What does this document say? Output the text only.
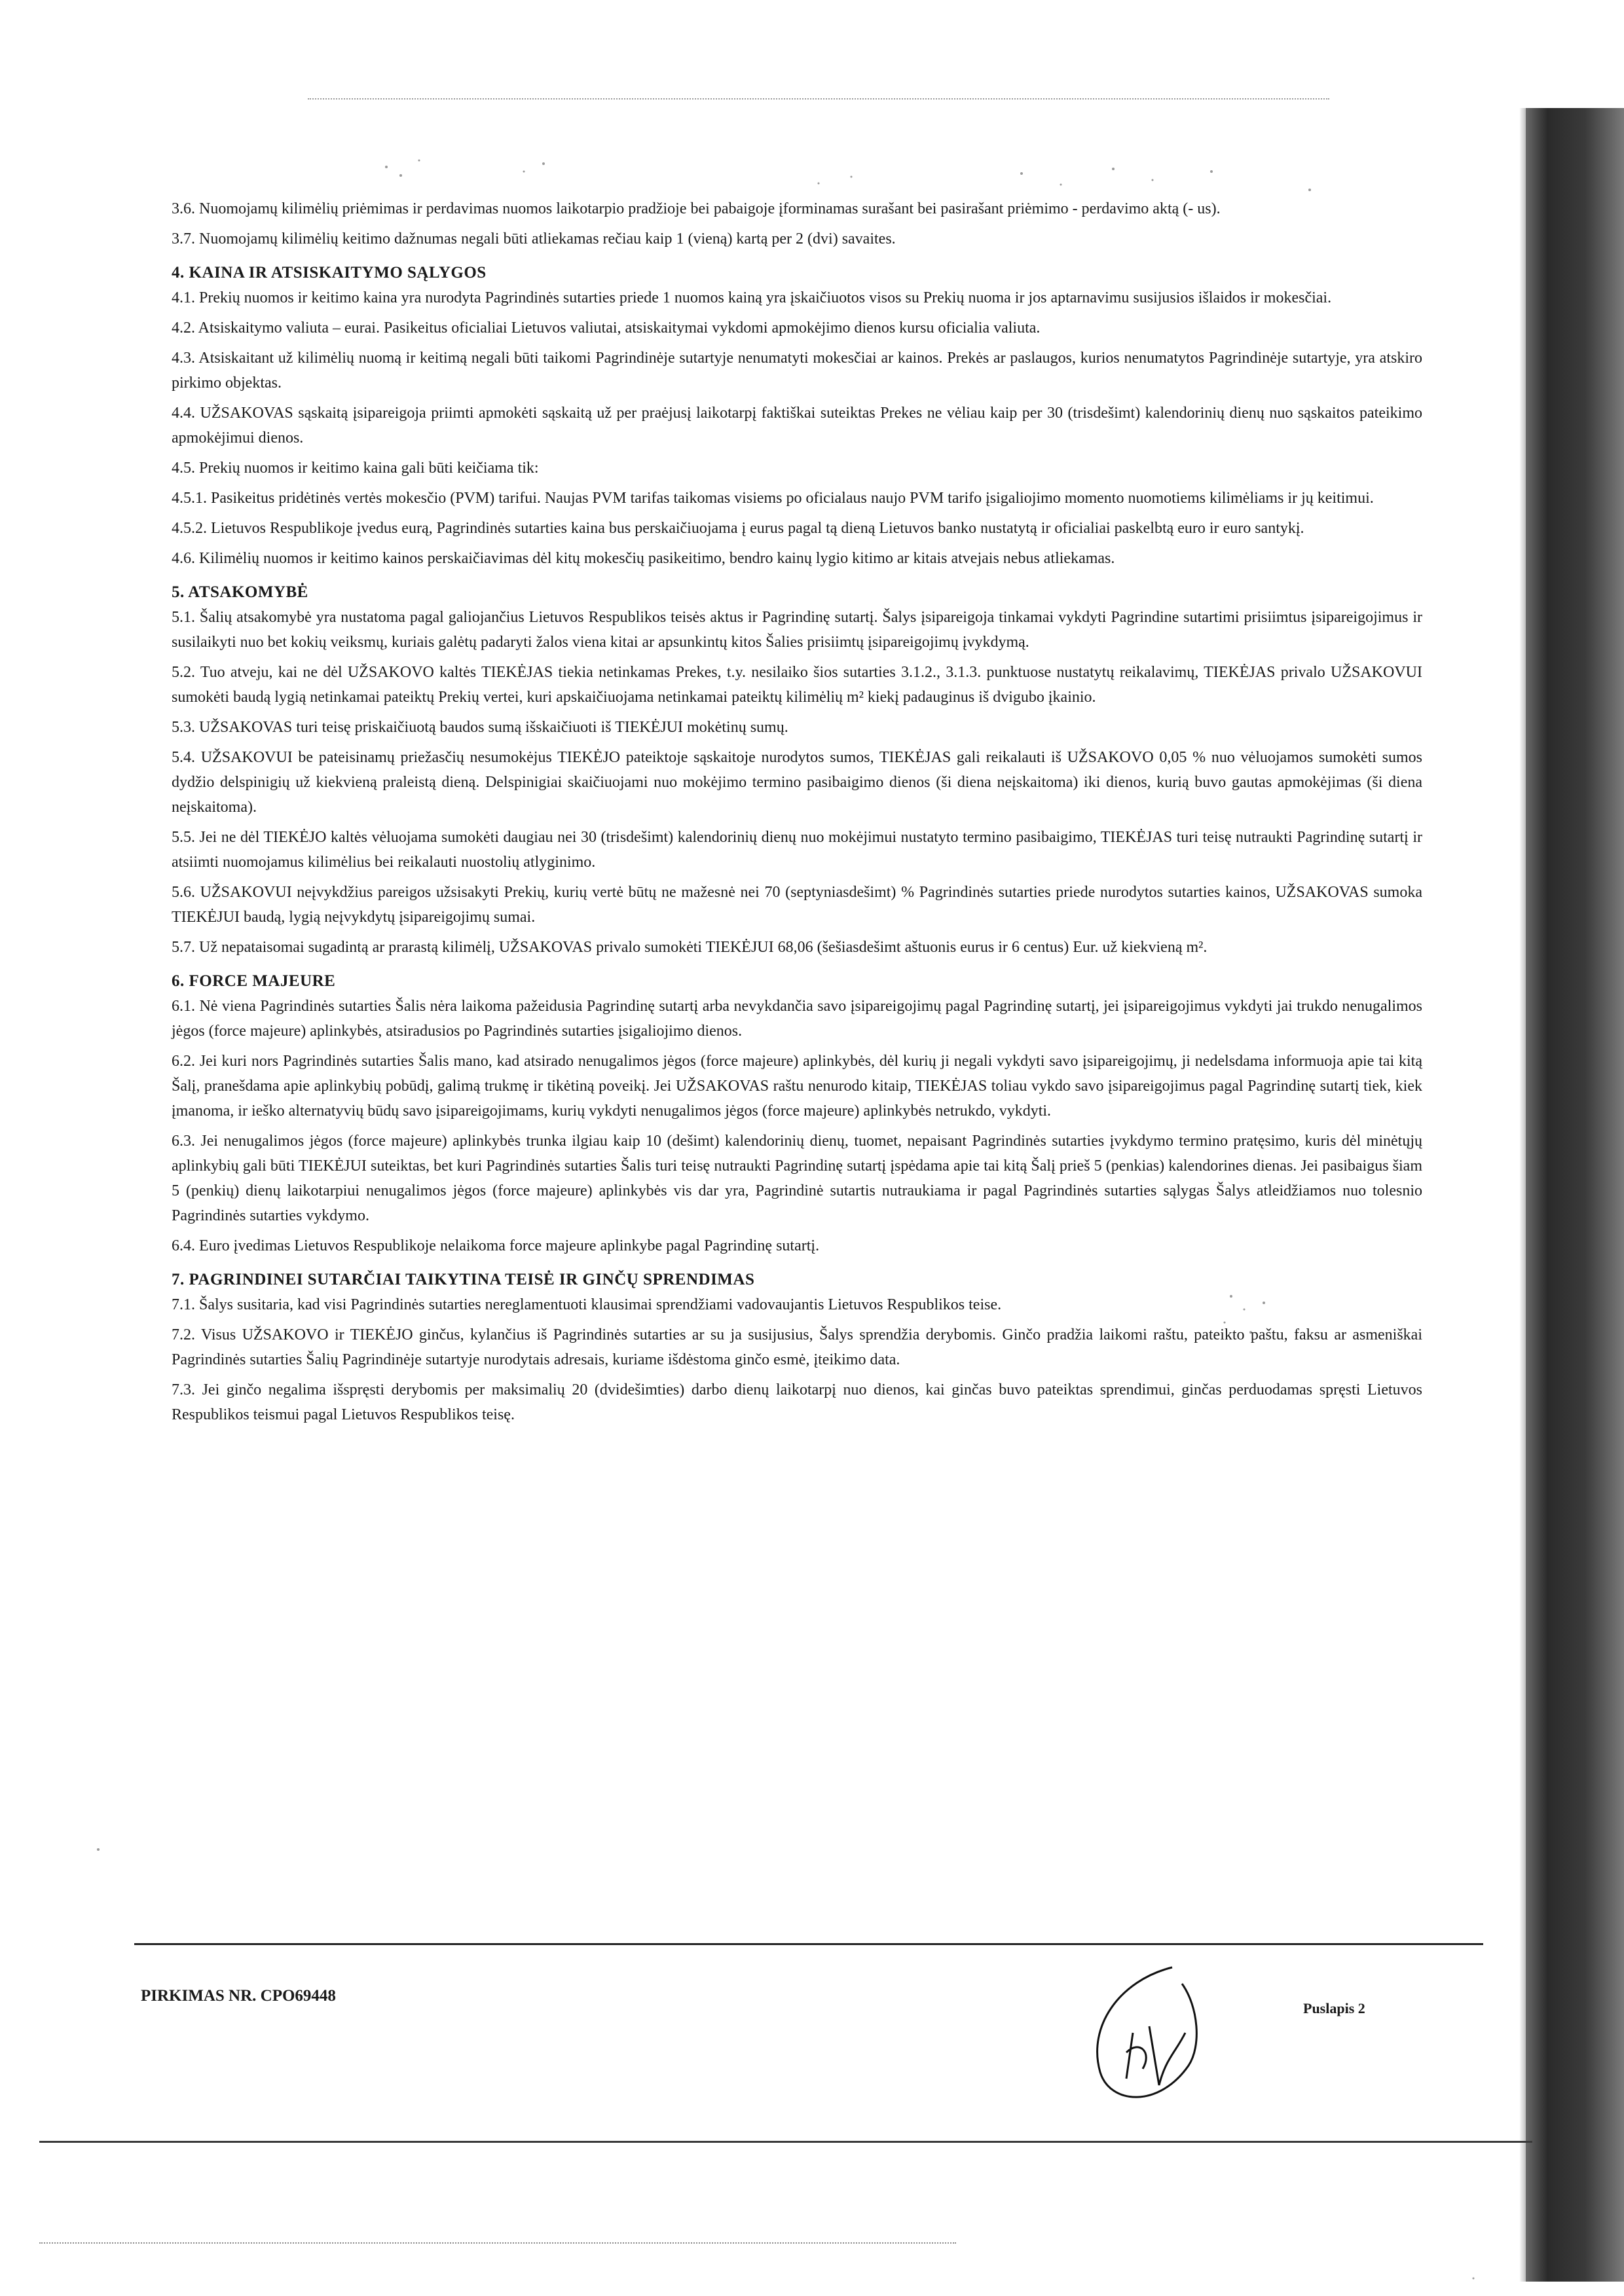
3.6. Nuomojamų kilimėlių priėmimas ir perdavimas nuomos laikotarpio pradžioje bei pabaigoje įforminamas surašant bei pasirašant priėmimo - perdavimo aktą (- us).

3.7. Nuomojamų kilimėlių keitimo dažnumas negali būti atliekamas rečiau kaip 1 (vieną) kartą per 2 (dvi) savaites.

4. KAINA IR ATSISKAITYMO SĄLYGOS

4.1. Prekių nuomos ir keitimo kaina yra nurodyta Pagrindinės sutarties priede 1 nuomos kainą yra įskaičiuotos visos su Prekių nuoma ir jos aptarnavimu susijusios išlaidos ir mokesčiai.

4.2. Atsiskaitymo valiuta – eurai. Pasikeitus oficialiai Lietuvos valiutai, atsiskaitymai vykdomi apmokėjimo dienos kursu oficialia valiuta.

4.3. Atsiskaitant už kilimėlių nuomą ir keitimą negali būti taikomi Pagrindinėje sutartyje nenumatyti mokesčiai ar kainos. Prekės ar paslaugos, kurios nenumatytos Pagrindinėje sutartyje, yra atskiro pirkimo objektas.

4.4. UŽSAKOVAS sąskaitą įsipareigoja priimti apmokėti sąskaitą už per praėjusį laikotarpį faktiškai suteiktas Prekes ne vėliau kaip per 30 (trisdešimt) kalendorinių dienų nuo sąskaitos pateikimo apmokėjimui dienos.

4.5. Prekių nuomos ir keitimo kaina gali būti keičiama tik:

4.5.1. Pasikeitus pridėtinės vertės mokesčio (PVM) tarifui. Naujas PVM tarifas taikomas visiems po oficialaus naujo PVM tarifo įsigaliojimo momento nuomotiems kilimėliams ir jų keitimui.

4.5.2. Lietuvos Respublikoje įvedus eurą, Pagrindinės sutarties kaina bus perskaičiuojama į eurus pagal tą dieną Lietuvos banko nustatytą ir oficialiai paskelbtą euro ir euro santykį.

4.6. Kilimėlių nuomos ir keitimo kainos perskaičiavimas dėl kitų mokesčių pasikeitimo, bendro kainų lygio kitimo ar kitais atvejais nebus atliekamas.

5. ATSAKOMYBĖ

5.1. Šalių atsakomybė yra nustatoma pagal galiojančius Lietuvos Respublikos teisės aktus ir Pagrindinę sutartį. Šalys įsipareigoja tinkamai vykdyti Pagrindine sutartimi prisiimtus įsipareigojimus ir susilaikyti nuo bet kokių veiksmų, kuriais galėtų padaryti žalos viena kitai ar apsunkintų kitos Šalies prisiimtų įsipareigojimų įvykdymą.

5.2. Tuo atveju, kai ne dėl UŽSAKOVO kaltės TIEKĖJAS tiekia netinkamas Prekes, t.y. nesilaiko šios sutarties 3.1.2., 3.1.3. punktuose nustatytų reikalavimų, TIEKĖJAS privalo UŽSAKOVUI sumokėti baudą lygią netinkamai pateiktų Prekių vertei, kuri apskaičiuojama netinkamai pateiktų kilimėlių m² kiekį padauginus iš dvigubo įkainio.

5.3. UŽSAKOVAS turi teisę priskaičiuotą baudos sumą išskaičiuoti iš TIEKĖJUI mokėtinų sumų.

5.4. UŽSAKOVUI be pateisinamų priežasčių nesumokėjus TIEKĖJO pateiktoje sąskaitoje nurodytos sumos, TIEKĖJAS gali reikalauti iš UŽSAKOVO 0,05 % nuo vėluojamos sumokėti sumos dydžio delspinigių už kiekvieną praleistą dieną. Delspinigiai skaičiuojami nuo mokėjimo termino pasibaigimo dienos (ši diena neįskaitoma) iki dienos, kurią buvo gautas apmokėjimas (ši diena neįskaitoma).

5.5. Jei ne dėl TIEKĖJO kaltės vėluojama sumokėti daugiau nei 30 (trisdešimt) kalendorinių dienų nuo mokėjimui nustatyto termino pasibaigimo, TIEKĖJAS turi teisę nutraukti Pagrindinę sutartį ir atsiimti nuomojamus kilimėlius bei reikalauti nuostolių atlyginimo.

5.6. UŽSAKOVUI neįvykdžius pareigos užsisakyti Prekių, kurių vertė būtų ne mažesnė nei 70 (septyniasdešimt) % Pagrindinės sutarties priede nurodytos sutarties kainos, UŽSAKOVAS sumoka TIEKĖJUI baudą, lygią neįvykdytų įsipareigojimų sumai.

5.7. Už nepataisomai sugadintą ar prarastą kilimėlį, UŽSAKOVAS privalo sumokėti TIEKĖJUI 68,06 (šešiasdešimt aštuonis eurus ir 6 centus) Eur. už kiekvieną m².

6. FORCE MAJEURE

6.1. Nė viena Pagrindinės sutarties Šalis nėra laikoma pažeidusia Pagrindinę sutartį arba nevykdančia savo įsipareigojimų pagal Pagrindinę sutartį, jei įsipareigojimus vykdyti jai trukdo nenugalimos jėgos (force majeure) aplinkybės, atsiradusios po Pagrindinės sutarties įsigaliojimo dienos.

6.2. Jei kuri nors Pagrindinės sutarties Šalis mano, kad atsirado nenugalimos jėgos (force majeure) aplinkybės, dėl kurių ji negali vykdyti savo įsipareigojimų, ji nedelsdama informuoja apie tai kitą Šalį, pranešdama apie aplinkybių pobūdį, galimą trukmę ir tikėtiną poveikį. Jei UŽSAKOVAS raštu nenurodo kitaip, TIEKĖJAS toliau vykdo savo įsipareigojimus pagal Pagrindinę sutartį tiek, kiek įmanoma, ir ieško alternatyvių būdų savo įsipareigojimams, kurių vykdyti nenugalimos jėgos (force majeure) aplinkybės netrukdo, vykdyti.

6.3. Jei nenugalimos jėgos (force majeure) aplinkybės trunka ilgiau kaip 10 (dešimt) kalendorinių dienų, tuomet, nepaisant Pagrindinės sutarties įvykdymo termino pratęsimo, kuris dėl minėtųjų aplinkybių gali būti TIEKĖJUI suteiktas, bet kuri Pagrindinės sutarties Šalis turi teisę nutraukti Pagrindinę sutartį įspėdama apie tai kitą Šalį prieš 5 (penkias) kalendorines dienas. Jei pasibaigus šiam 5 (penkių) dienų laikotarpiui nenugalimos jėgos (force majeure) aplinkybės vis dar yra, Pagrindinė sutartis nutraukiama ir pagal Pagrindinės sutarties sąlygas Šalys atleidžiamos nuo tolesnio Pagrindinės sutarties vykdymo.

6.4. Euro įvedimas Lietuvos Respublikoje nelaikoma force majeure aplinkybe pagal Pagrindinę sutartį.

7. PAGRINDINEI SUTARČIAI TAIKYTINA TEISĖ IR GINČŲ SPRENDIMAS

7.1. Šalys susitaria, kad visi Pagrindinės sutarties nereglamentuoti klausimai sprendžiami vadovaujantis Lietuvos Respublikos teise.

7.2. Visus UŽSAKOVO ir TIEKĖJO ginčus, kylančius iš Pagrindinės sutarties ar su ja susijusius, Šalys sprendžia derybomis. Ginčo pradžia laikomi raštu, pateikto paštu, faksu ar asmeniškai Pagrindinės sutarties Šalių Pagrindinėje sutartyje nurodytais adresais, kuriame išdėstoma ginčo esmė, įteikimo data.

7.3. Jei ginčo negalima išspręsti derybomis per maksimalių 20 (dvidešimties) darbo dienų laikotarpį nuo dienos, kai ginčas buvo pateiktas sprendimui, ginčas perduodamas spręsti Lietuvos Respublikos teismui pagal Lietuvos Respublikos teisę.

PIRKIMAS NR. CPO69448
Puslapis 2
